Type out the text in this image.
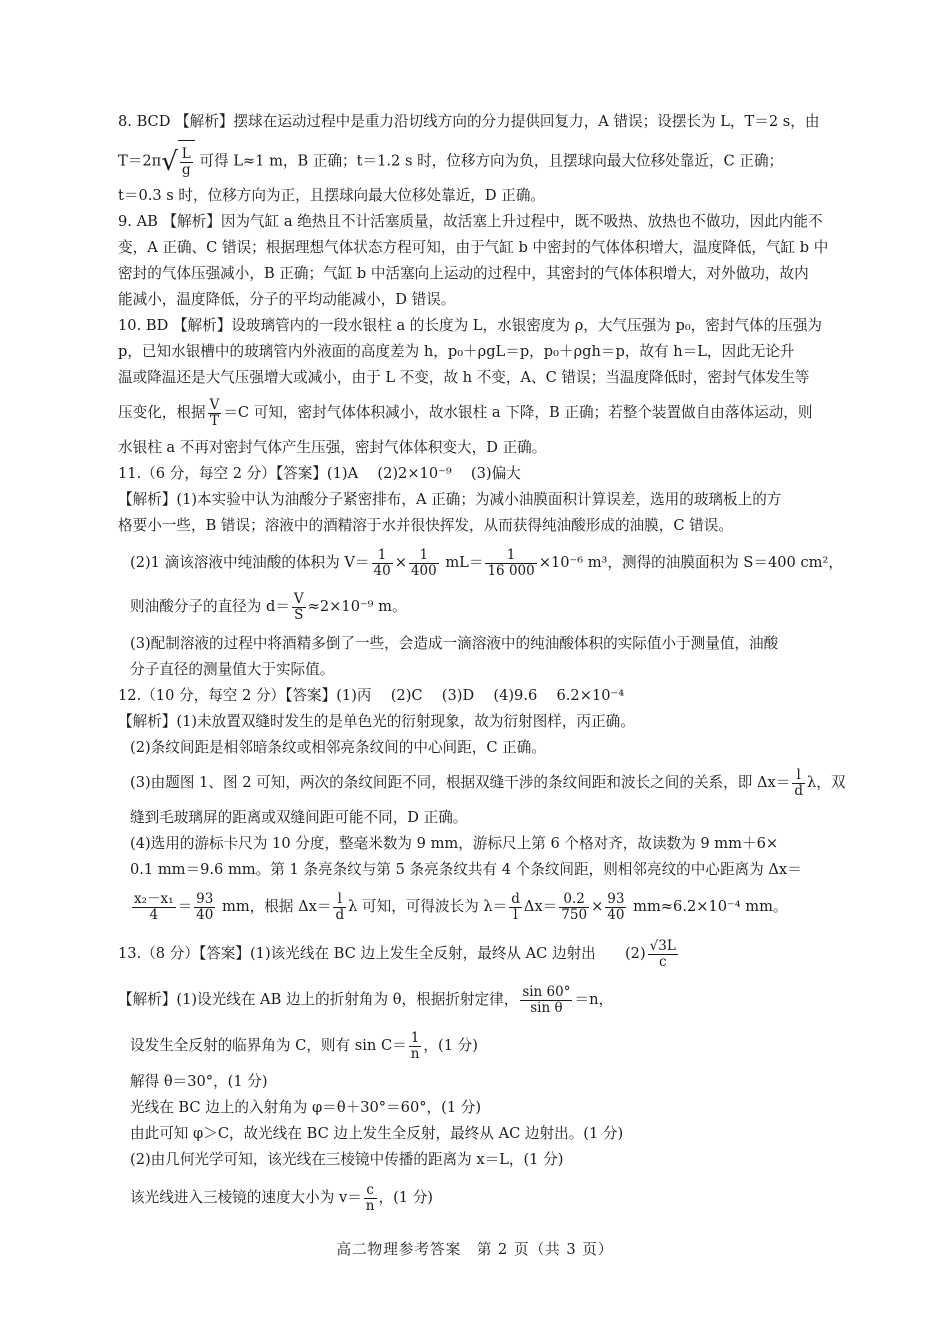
8. BCD 【解析】摆球在运动过程中是重力沿切线方向的分力提供回复力，A 错误；设摆长为 L，T＝2 s，由
$T=2\pi√ \frac{L}{g}$ 可得 L≈1 m，B 正确；t＝1.2 s 时，位移方向为负，且摆球向最大位移处靠近，C 正确；
t＝0.3 s 时，位移方向为正，且摆球向最大位移处靠近，D 正确。
9. AB 【解析】因为气缸 a 绝热且不计活塞质量，故活塞上升过程中，既不吸热、放热也不做功，因此内能不
变，A 正确、C 错误；根据理想气体状态方程可知，由于气缸 b 中密封的气体体积增大，温度降低，气缸 b 中
密封的气体压强减小，B 正确；气缸 b 中活塞向上运动的过程中，其密封的气体体积增大，对外做功，故内
能减小，温度降低，分子的平均动能减小，D 错误。
10. BD 【解析】设玻璃管内的一段水银柱 a 的长度为 L，水银密度为 ρ，大气压强为 p₀，密封气体的压强为
p，已知水银槽中的玻璃管内外液面的高度差为 h，p₀＋ρgL＝p，p₀＋ρgh＝p，故有 h＝L，因此无论升
温或降温还是大气压强增大或减小，由于 L 不变，故 h 不变，A、C 错误；当温度降低时，密封气体发生等
压变化，根据 $\frac{V}{T} =C$ 可知，密封气体体积减小，故水银柱 a 下降，B 正确；若整个装置做自由落体运动，则
水银柱 a 不再对密封气体产生压强，密封气体体积变大，D 正确。
11.（6 分，每空 2 分）【答案】(1)A　 (2)2×10⁻⁹　 (3)偏大
【解析】(1)本实验中认为油酸分子紧密排布，A 正确；为减小油膜面积计算误差，选用的玻璃板上的方
格要小一些，B 错误；溶液中的酒精溶于水并很快挥发，从而获得纯油酸形成的油膜，C 错误。
(2)1 滴该溶液中纯油酸的体积为 $V= \frac{1}{40} \times \frac{1}{400} mL= \frac{1}{16 000} \times 10^{-6}$ m³，测得的油膜面积为 S＝400 cm²，
则油酸分子的直径为 $d= \frac{V}{S} \approx 2\times 10^{-9}$ m。
(3)配制溶液的过程中将酒精多倒了一些，会造成一滴溶液中的纯油酸体积的实际值小于测量值，油酸
分子直径的测量值大于实际值。
12.（10 分，每空 2 分）【答案】(1)丙　 (2)C　 (3)D　 (4)9.6　 6.2×10⁻⁴
【解析】(1)未放置双缝时发生的是单色光的衍射现象，故为衍射图样，丙正确。
(2)条纹间距是相邻暗条纹或相邻亮条纹间的中心间距，C 正确。
(3)由题图 1、图 2 可知，两次的条纹间距不同，根据双缝干涉的条纹间距和波长之间的关系，即 $\Delta x= \frac{l}{d}$ λ，双
缝到毛玻璃屏的距离或双缝间距可能不同，D 正确。
(4)选用的游标卡尺为 10 分度，整毫米数为 9 mm，游标尺上第 6 个格对齐，故读数为 9 mm＋6×
0.1 mm＝9.6 mm。第 1 条亮条纹与第 5 条亮条纹共有 4 个条纹间距，则相邻亮纹的中心距离为 Δx＝
$\frac{\text{x₂－x₁}}{4} = \frac{93}{40}$ mm，根据 $\Delta x= \frac{l}{d}$ λ 可知，可得波长为 $\lambda= \frac{d}{l} \Delta x= \frac{0.2}{750} \times \frac{93}{40} mm\approx 6.2\times 10^{-4}$ mm。
13.（8 分）【答案】(1)该光线在 BC 边上发生全反射，最终从 AC 边射出　　$(2) \frac{√3L}{c}$
【解析】(1)设光线在 AB 边上的折射角为 θ，根据折射定律， $\frac{\sin 60^\circ}{\text{sin θ}} =n$，
设发生全反射的临界角为 C，则有 $\sin C= \frac{1}{n}$ ，(1 分)
解得 θ＝30°，(1 分)
光线在 BC 边上的入射角为 φ＝θ＋30°＝60°，(1 分)
由此可知 φ＞C，故光线在 BC 边上发生全反射，最终从 AC 边射出。(1 分)
(2)由几何光学可知，该光线在三棱镜中传播的距离为 x＝L，(1 分)
该光线进入三棱镜的速度大小为 $v= \frac{c}{n}$ ，(1 分)
高二物理参考答案　第 2 页（共 3 页）
